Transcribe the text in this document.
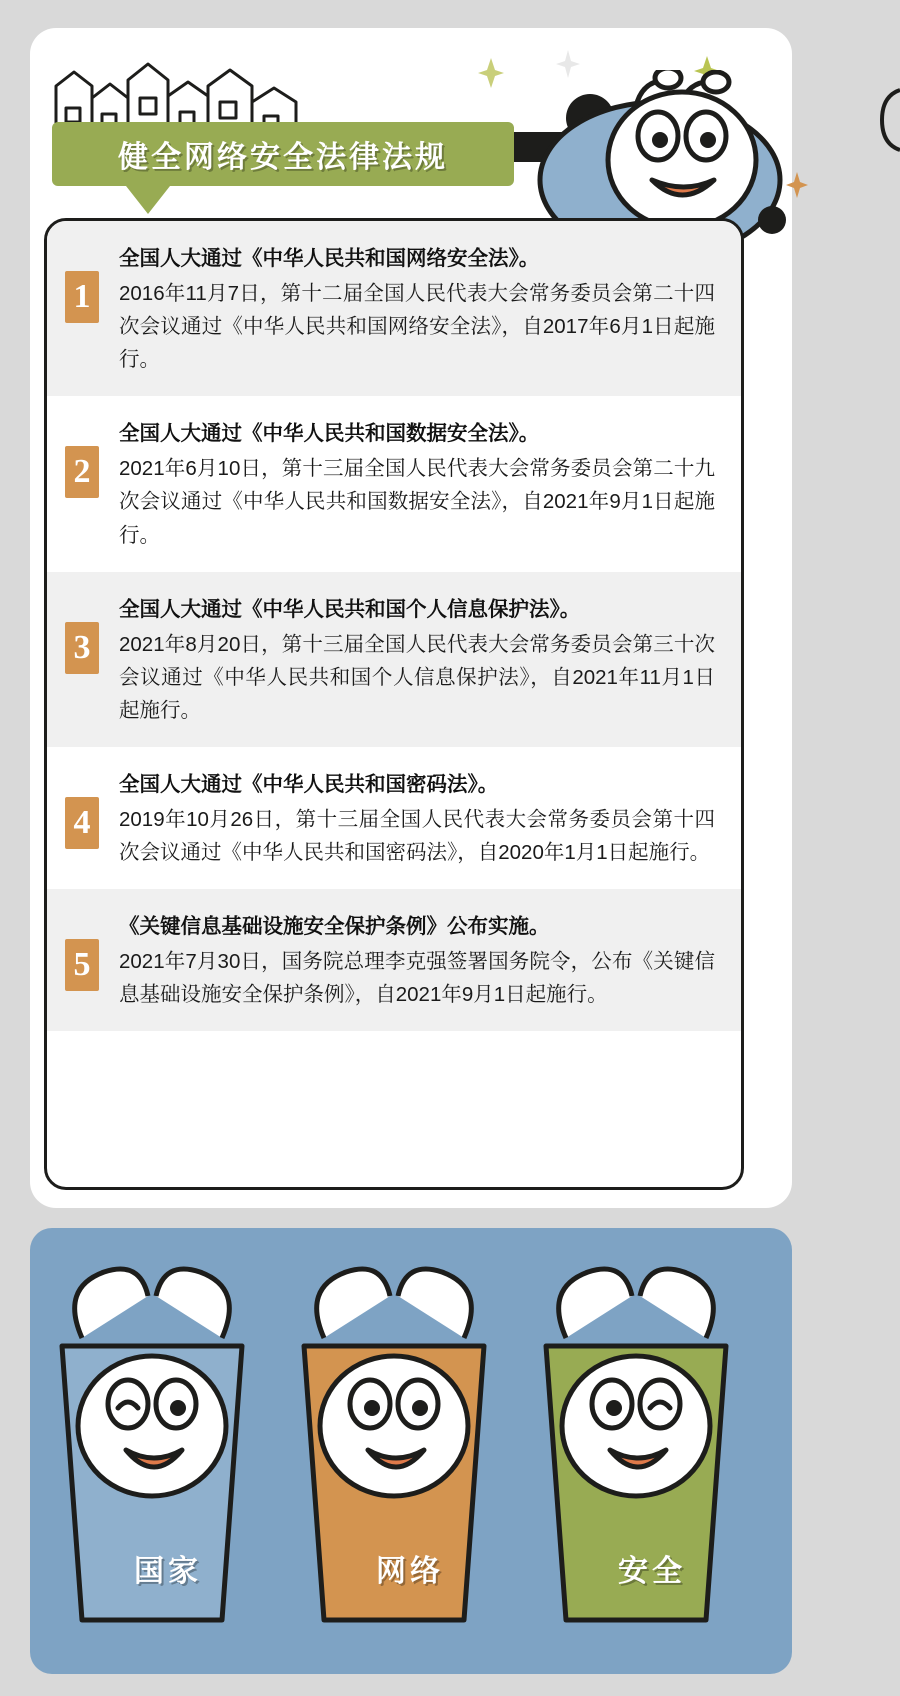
健全网络安全法律法规
1
全国人大通过《中华人民共和国网络安全法》。

2016年11月7日，第十二届全国人民代表大会常务委员会第二十四次会议通过《中华人民共和国网络安全法》，自2017年6月1日起施行。

2
全国人大通过《中华人民共和国数据安全法》。

2021年6月10日，第十三届全国人民代表大会常务委员会第二十九次会议通过《中华人民共和国数据安全法》，自2021年9月1日起施行。

3
全国人大通过《中华人民共和国个人信息保护法》。

2021年8月20日，第十三届全国人民代表大会常务委员会第三十次会议通过《中华人民共和国个人信息保护法》，自2021年11月1日起施行。

4
全国人大通过《中华人民共和国密码法》。

2019年10月26日，第十三届全国人民代表大会常务委员会第十四次会议通过《中华人民共和国密码法》，自2020年1月1日起施行。

5
《关键信息基础设施安全保护条例》公布实施。

2021年7月30日，国务院总理李克强签署国务院令，公布《关键信息基础设施安全保护条例》，自2021年9月1日起施行。

国家	网络	安全
